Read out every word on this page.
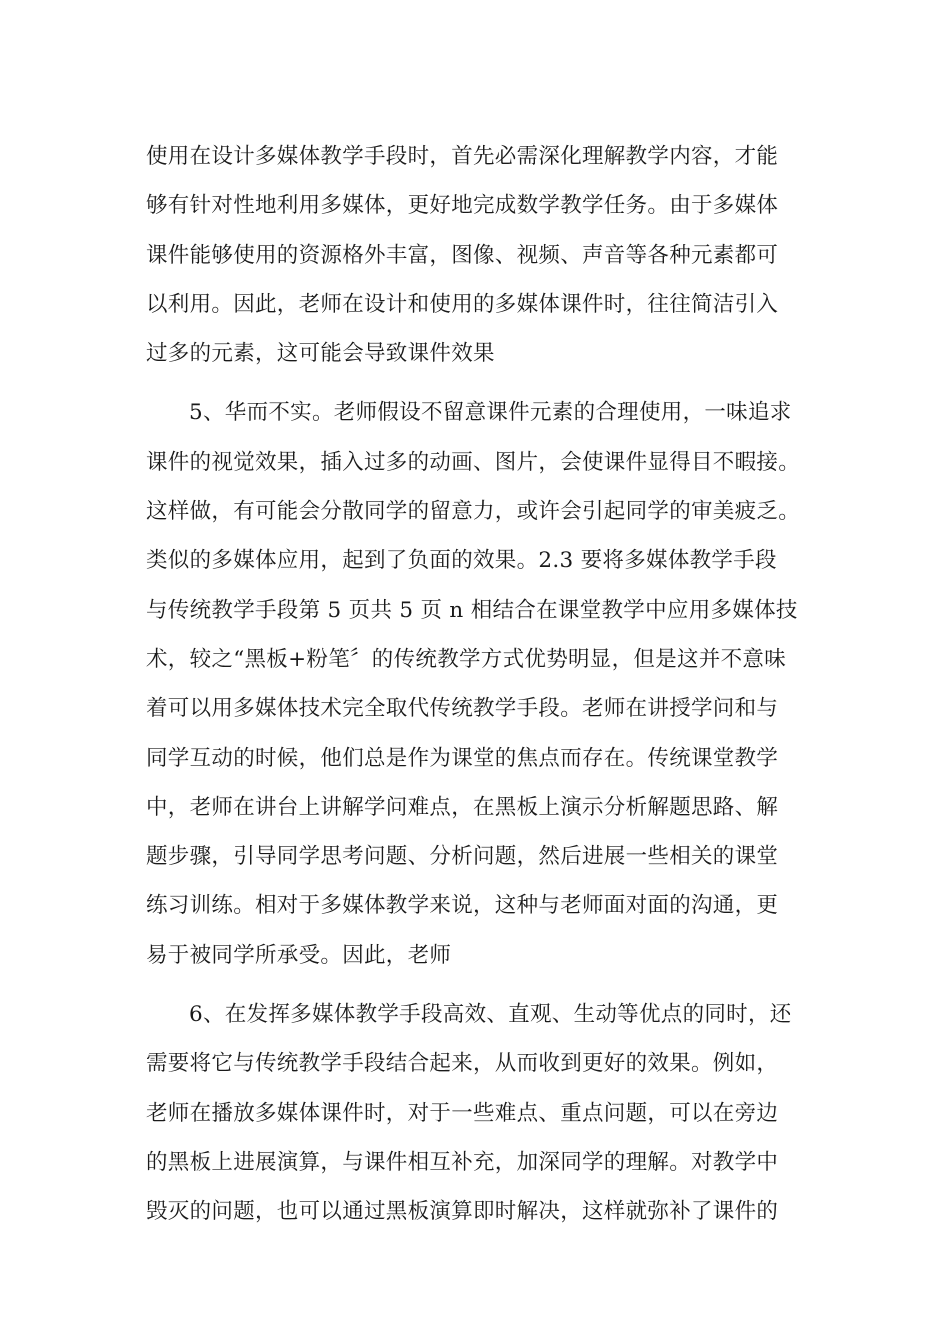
使用在设计多媒体教学手段时，首先必需深化理解教学内容，才能
够有针对性地利用多媒体，更好地完成数学教学任务。由于多媒体
课件能够使用的资源格外丰富，图像、视频、声音等各种元素都可
以利用。因此，老师在设计和使用的多媒体课件时，往往简洁引入
过多的元素，这可能会导致课件效果

5、华而不实。老师假设不留意课件元素的合理使用，一味追求
课件的视觉效果，插入过多的动画、图片，会使课件显得目不暇接。
这样做，有可能会分散同学的留意力，或许会引起同学的审美疲乏。
类似的多媒体应用，起到了负面的效果。2.3 要将多媒体教学手段
与传统教学手段第 5 页共 5 页 n 相结合在课堂教学中应用多媒体技
术，较之“黑板+粉笔〞的传统教学方式优势明显，但是这并不意味
着可以用多媒体技术完全取代传统教学手段。老师在讲授学问和与
同学互动的时候，他们总是作为课堂的焦点而存在。传统课堂教学
中，老师在讲台上讲解学问难点，在黑板上演示分析解题思路、解
题步骤，引导同学思考问题、分析问题，然后进展一些相关的课堂
练习训练。相对于多媒体教学来说，这种与老师面对面的沟通，更
易于被同学所承受。因此，老师

6、在发挥多媒体教学手段高效、直观、生动等优点的同时，还
需要将它与传统教学手段结合起来，从而收到更好的效果。例如，
老师在播放多媒体课件时，对于一些难点、重点问题，可以在旁边
的黑板上进展演算，与课件相互补充，加深同学的理解。对教学中
毁灭的问题，也可以通过黑板演算即时解决，这样就弥补了课件的
